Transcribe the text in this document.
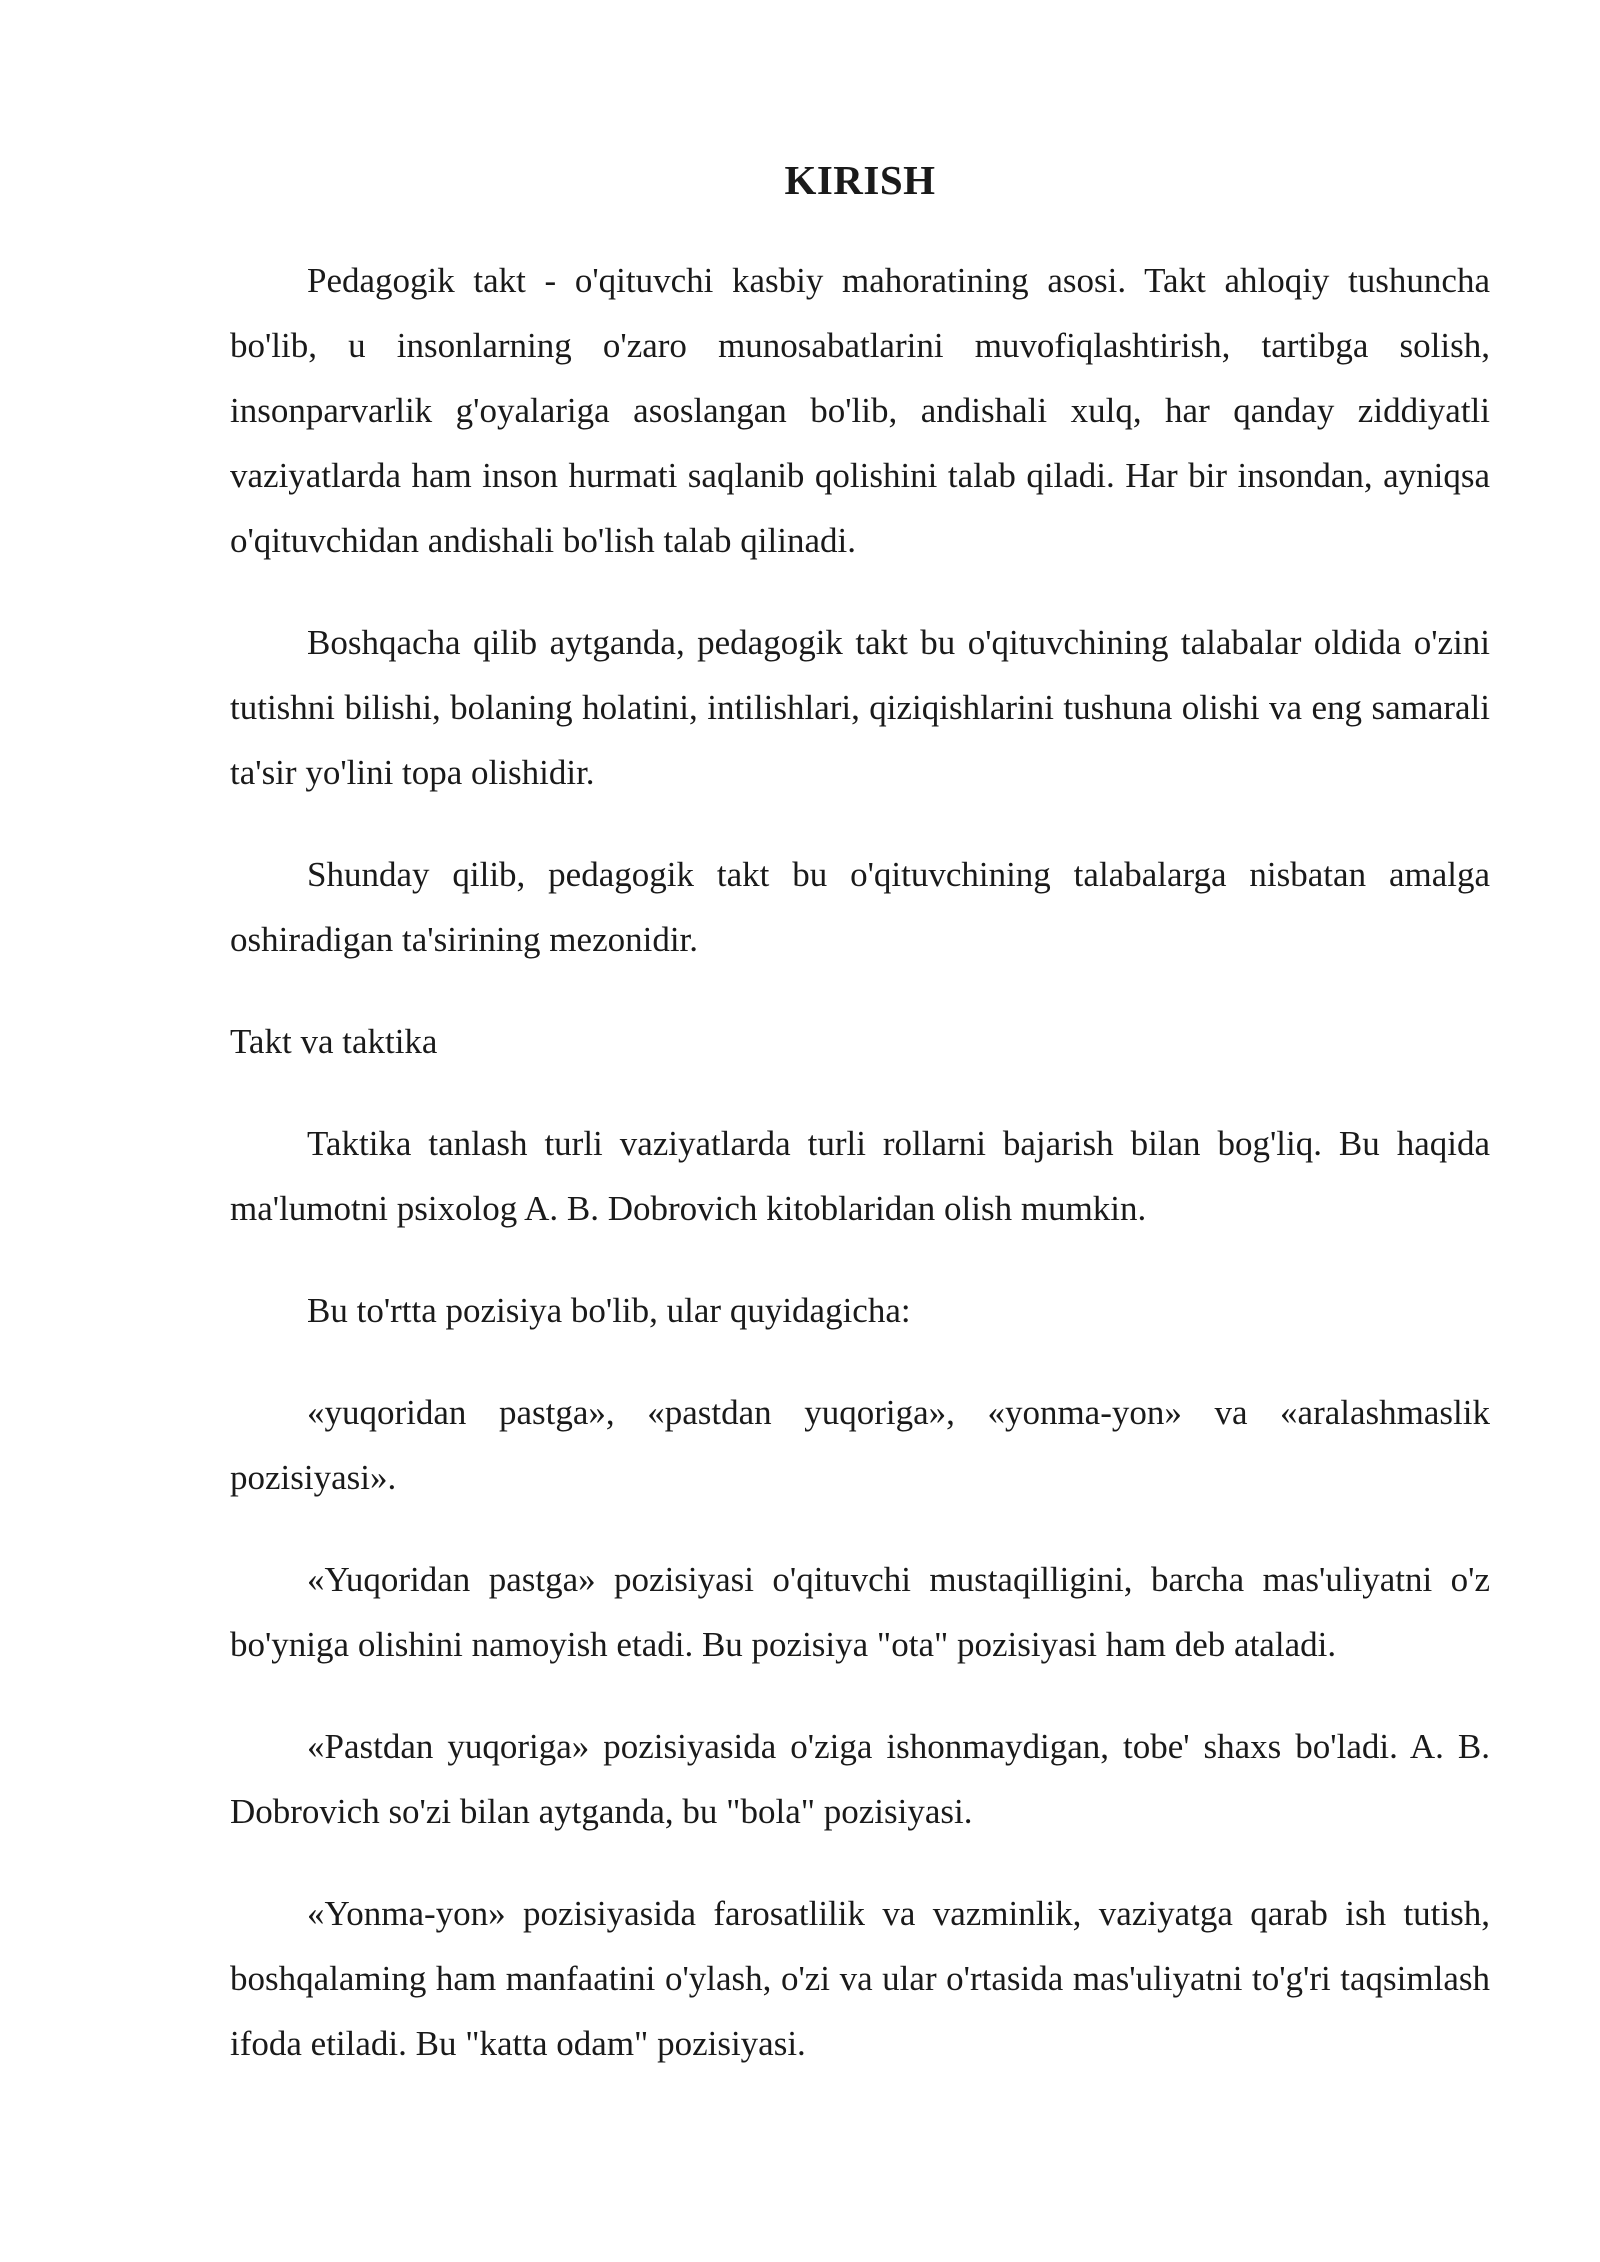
KIRISH

Pedagogik takt - o'qituvchi kasbiy mahoratining asosi. Takt ahloqiy tushuncha bo'lib, u insonlarning o'zaro munosabatlarini muvofiqlashtirish, tartibga solish, insonparvarlik g'oyalariga asoslangan bo'lib, andishali xulq, har qanday ziddiyatli vaziyatlarda ham inson hurmati saqlanib qolishini talab qiladi. Har bir insondan, ayniqsa o'qituvchidan andishali bo'lish talab qilinadi.

Boshqacha qilib aytganda, pedagogik takt bu o'qituvchining talabalar oldida o'zini tutishni bilishi, bolaning holatini, intilishlari, qiziqishlarini tushuna olishi va eng samarali ta'sir yo'lini topa olishidir.

Shunday qilib, pedagogik takt bu o'qituvchining talabalarga nisbatan amalga oshiradigan ta'sirining mezonidir.

Takt va taktika

Taktika tanlash turli vaziyatlarda turli rollarni bajarish bilan bog'liq. Bu haqida ma'lumotni psixolog A. B. Dobrovich kitoblaridan olish mumkin.

Bu to'rtta pozisiya bo'lib, ular quyidagicha:

«yuqoridan pastga», «pastdan yuqoriga», «yonma-yon» va «aralashmaslik pozisiyasi».

«Yuqoridan pastga» pozisiyasi o'qituvchi mustaqilligini, barcha mas'uliyatni o'z bo'yniga olishini namoyish etadi. Bu pozisiya "ota" pozisiyasi ham deb ataladi.

«Pastdan yuqoriga» pozisiyasida o'ziga ishonmaydigan, tobe' shaxs bo'ladi. A. B. Dobrovich so'zi bilan aytganda, bu "bola" pozisiyasi.

«Yonma-yon» pozisiyasida farosatlilik va vazminlik, vaziyatga qarab ish tutish, boshqalaming ham manfaatini o'ylash, o'zi va ular o'rtasida mas'uliyatni to'g'ri taqsimlash ifoda etiladi. Bu "katta odam" pozisiyasi.
